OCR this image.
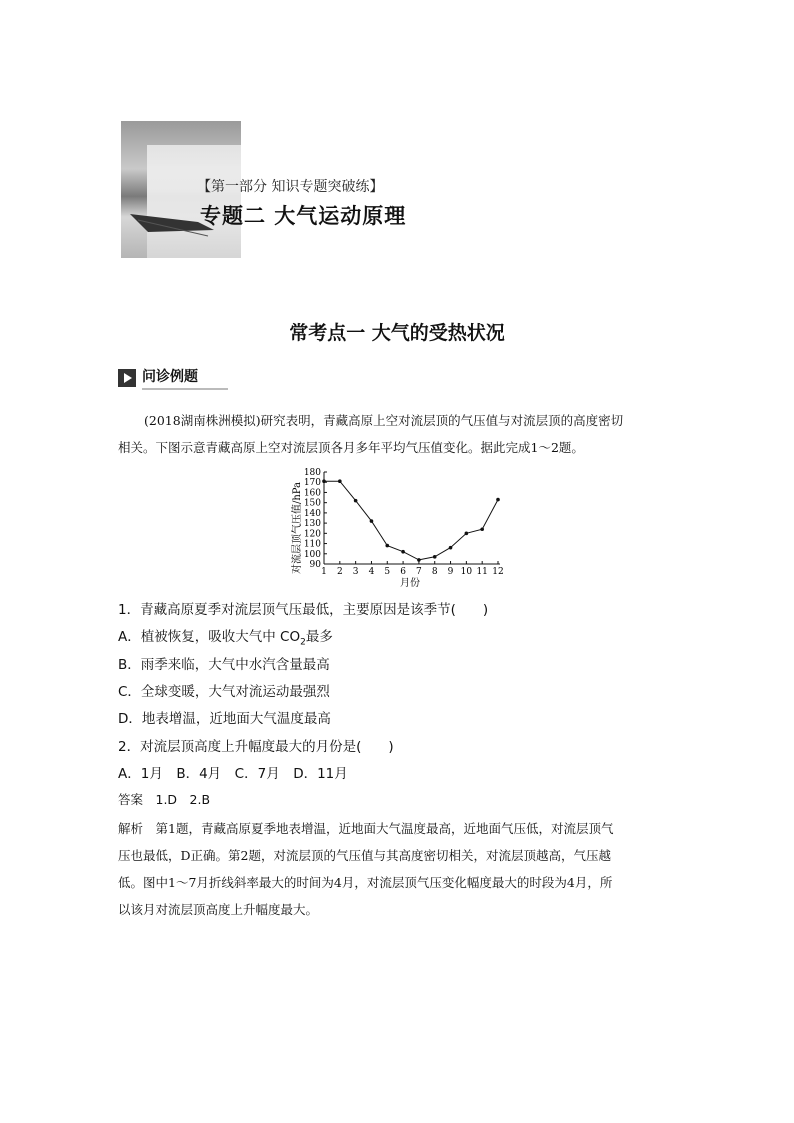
【第一部分 知识专题突破练】
专题二 大气运动原理
常考点一 大气的受热状况
问诊例题
(2018湖南株洲模拟)研究表明，青藏高原上空对流层顶的气压值与对流层顶的高度密切
相关。下图示意青藏高原上空对流层顶各月多年平均气压值变化。据此完成1～2题。
90
100
110
120
130
140
150
160
170
180
1 2 3 4 5 6 7 8 9 10 11 12
对流层顶气压值/hPa
月份
1．青藏高原夏季对流层顶气压最低，主要原因是该季节(　　)
A．植被恢复，吸收大气中 $CO_2$最多
B．雨季来临，大气中水汽含量最高
C．全球变暖，大气对流运动最强烈
D．地表增温，近地面大气温度最高
2．对流层顶高度上升幅度最大的月份是(　　)
A．1月　B．4月　C．7月　D．11月
答案　1.D　2.B
解析　第1题，青藏高原夏季地表增温，近地面大气温度最高，近地面气压低，对流层顶气
压也最低，D正确。第2题，对流层顶的气压值与其高度密切相关，对流层顶越高，气压越
低。图中1～7月折线斜率最大的时间为4月，对流层顶气压变化幅度最大的时段为4月，所
以该月对流层顶高度上升幅度最大。
